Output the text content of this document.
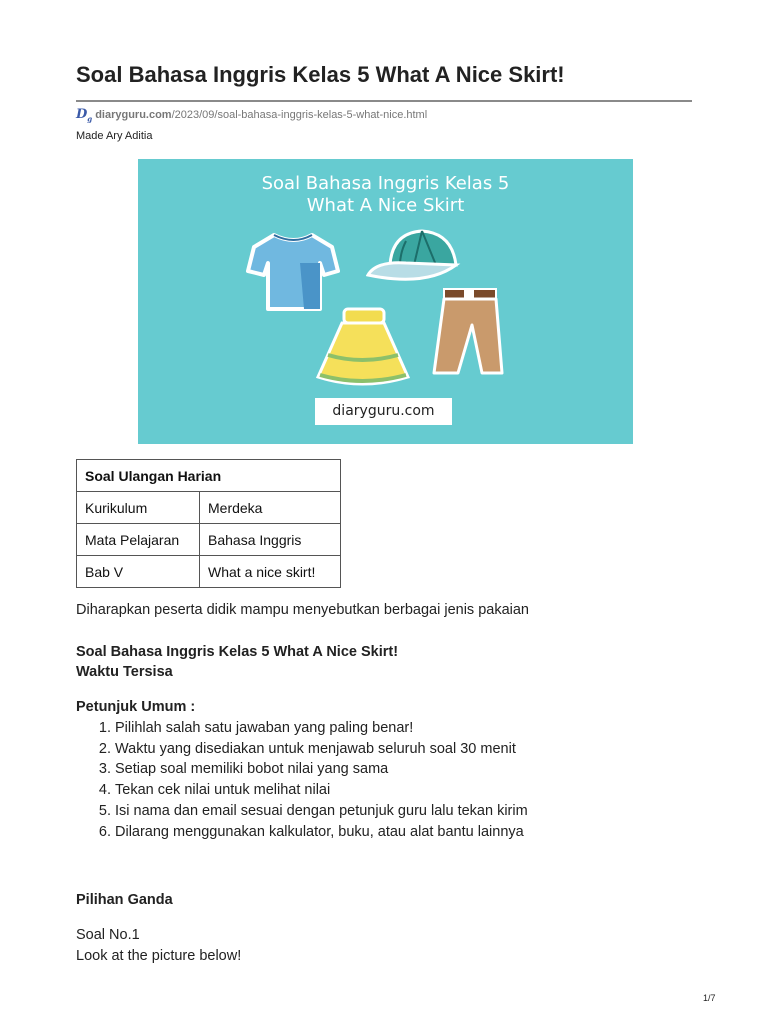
Soal Bahasa Inggris Kelas 5 What A Nice Skirt!
$D_g$ diaryguru.com /2023/09/soal-bahasa-inggris-kelas-5-what-nice.html
Made Ary Aditia
Soal Bahasa Inggris Kelas 5
What A Nice Skirt
diaryguru.com
Soal Ulangan Harian	
Kurikulum	Merdeka
Mata Pelajaran	Bahasa Inggris
Bab V	What a nice skirt!
Diharapkan peserta didik mampu menyebutkan berbagai jenis pakaian
Soal Bahasa Inggris Kelas 5 What A Nice Skirt!
Waktu Tersisa
Petunjuk Umum :
1. Pilihlah salah satu jawaban yang paling benar!
2. Waktu yang disediakan untuk menjawab seluruh soal 30 menit
3. Setiap soal memiliki bobot nilai yang sama
4. Tekan cek nilai untuk melihat nilai
5. Isi nama dan email sesuai dengan petunjuk guru lalu tekan kirim
6. Dilarang menggunakan kalkulator, buku, atau alat bantu lainnya
Pilihan Ganda
Soal No.1
Look at the picture below!
1/7
